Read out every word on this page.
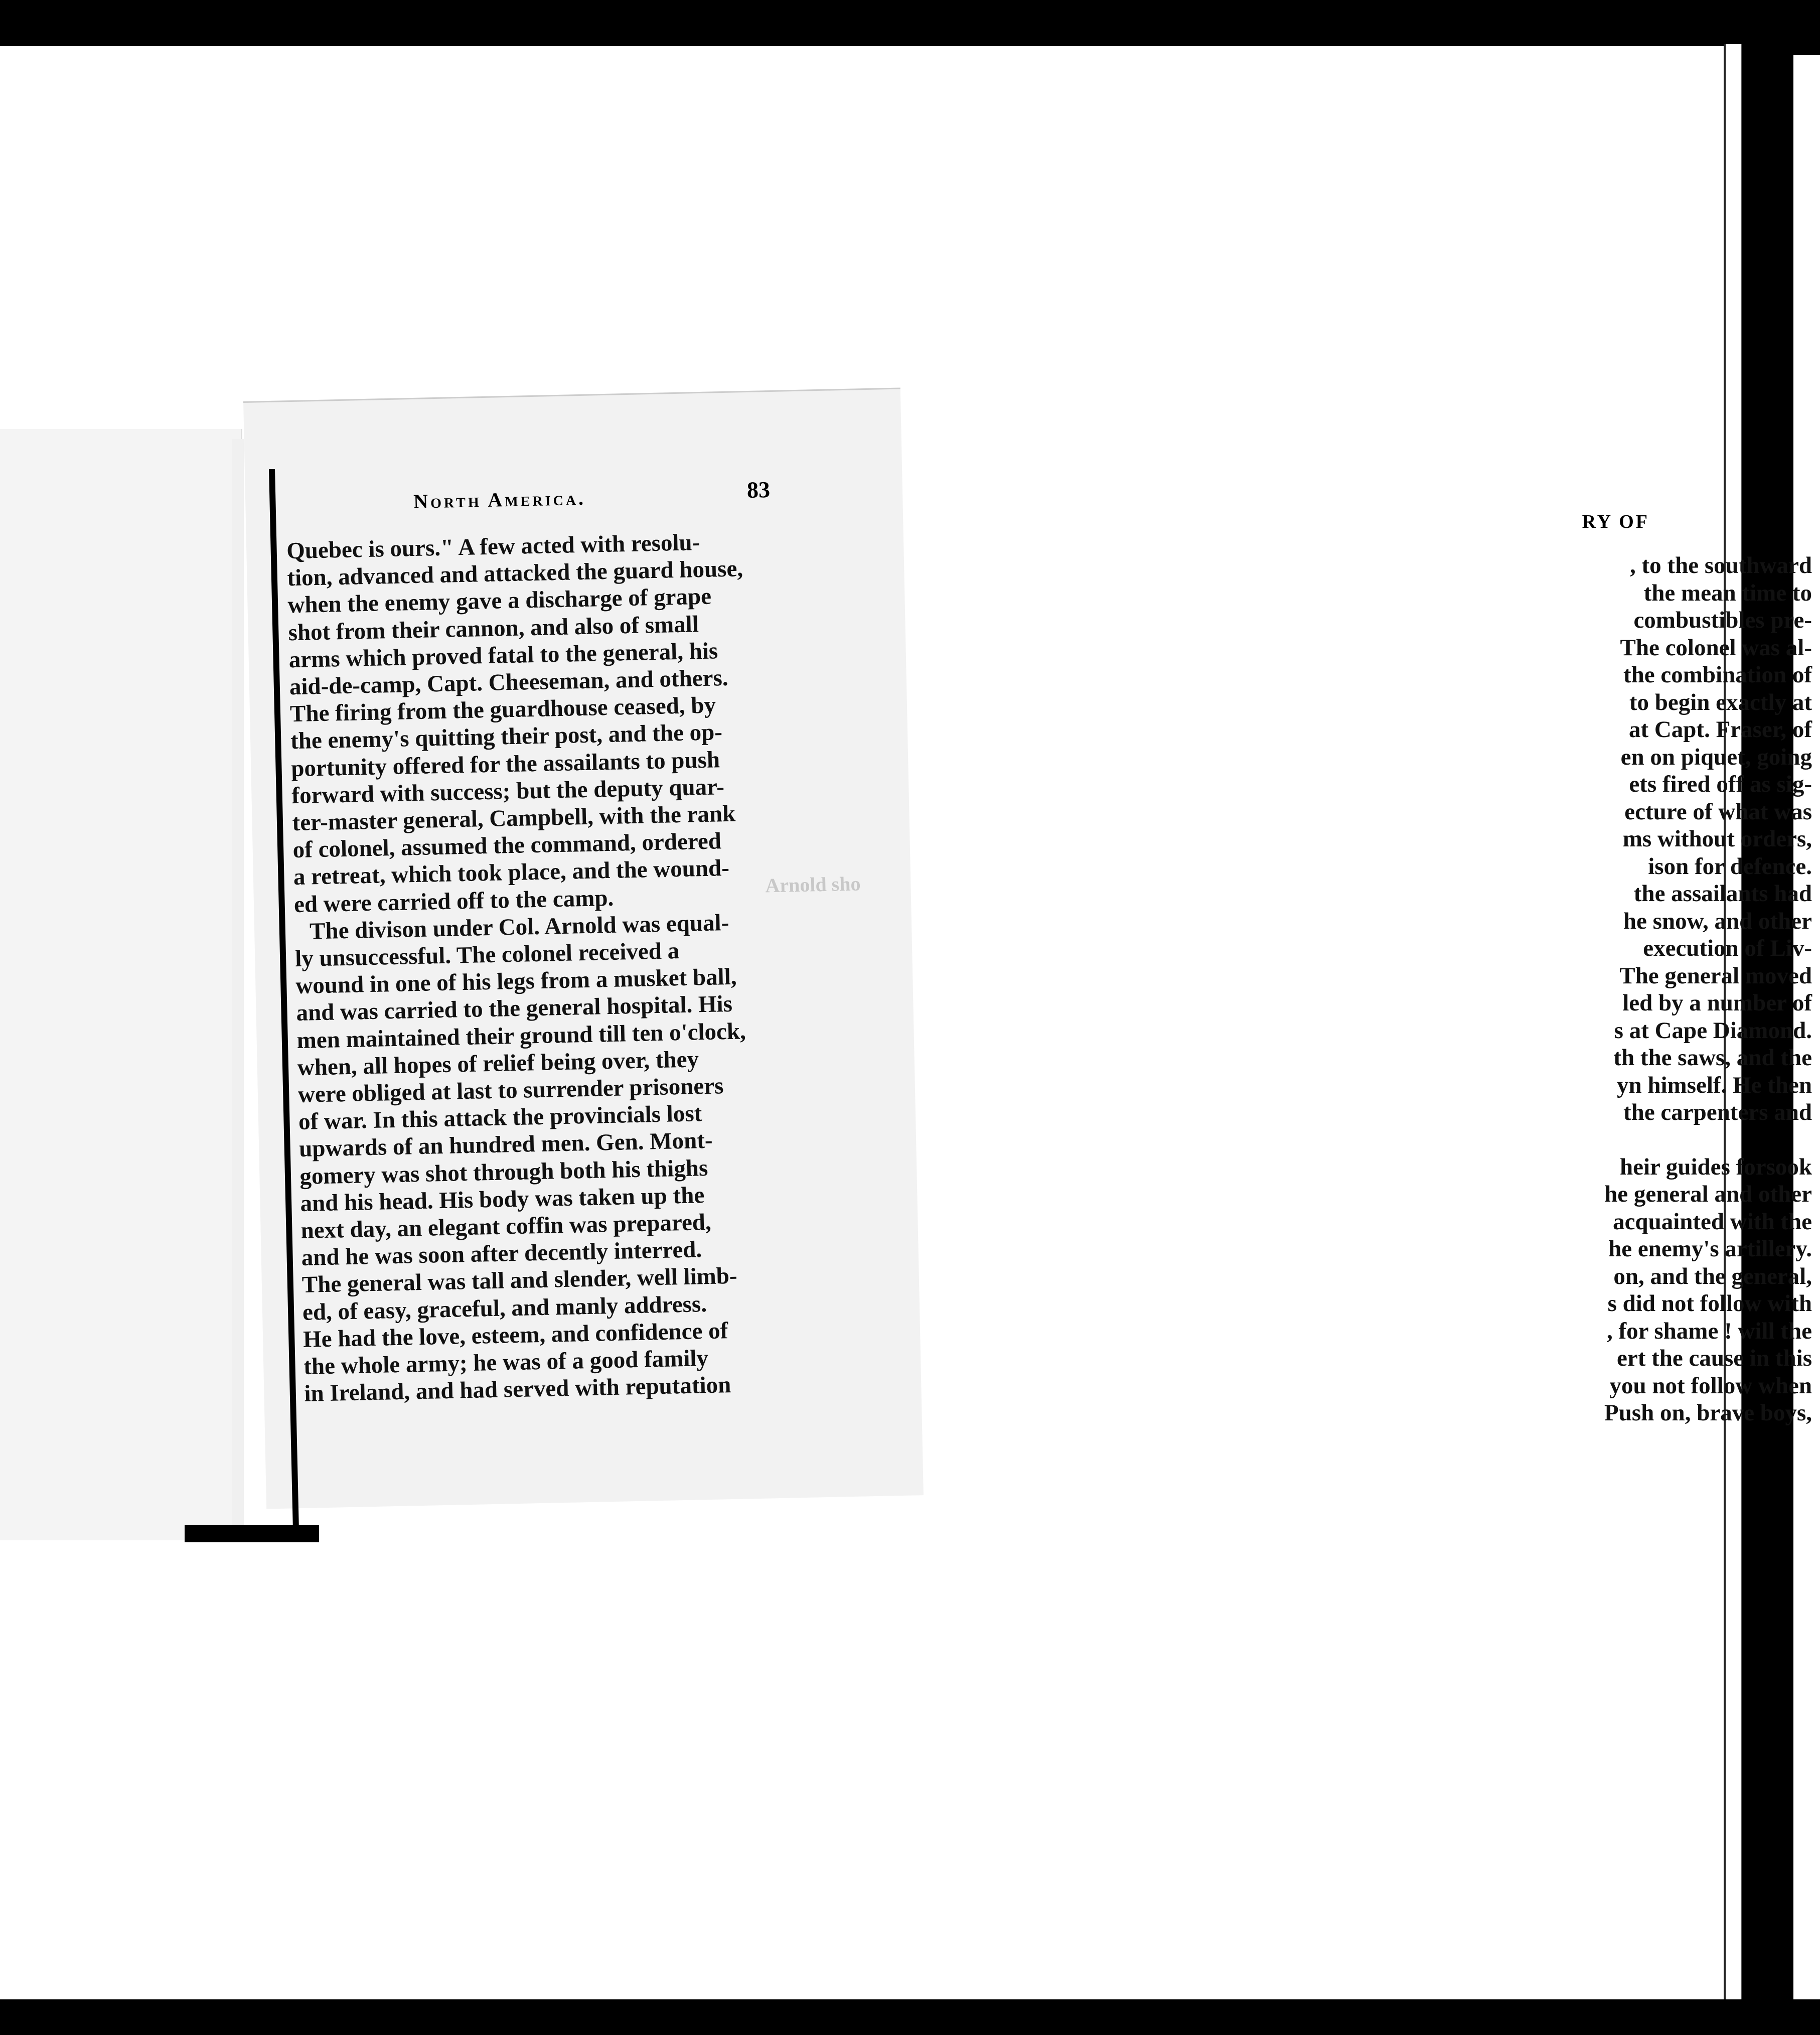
RY OF
, to the southward
the mean time to
combustibles pre-
The colonel was al-
the combination of
to begin exactly at
at Capt. Fraser, of
en on piquet, going
ets fired off as sig-
ecture of what was
ms without orders,
ison for defence.
the assailants had
he snow, and other
execution of Liv-
The general moved
led by a number of
s at Cape Diamond.
th the saws, and the
yn himself. He then
the carpenters and
heir guides forsook
he general and other
acquainted with the
he enemy's artillery.
on, and the general,
s did not follow with
, for shame ! will the
ert the cause in this
you not follow when
Push on, brave boys,
North America.	83
Arnold sho
Quebec is ours." A few acted with resolu-
tion, advanced and attacked the guard house,
when the enemy gave a discharge of grape
shot from their cannon, and also of small
arms which proved fatal to the general, his
aid-de-camp, Capt. Cheeseman, and others.
The firing from the guardhouse ceased, by
the enemy's quitting their post, and the op-
portunity offered for the assailants to push
forward with success; but the deputy quar-
ter-master general, Campbell, with the rank
of colonel, assumed the command, ordered
a retreat, which took place, and the wound-
ed were carried off to the camp.
The divison under Col. Arnold was equal-
ly unsuccessful. The colonel received a
wound in one of his legs from a musket ball,
and was carried to the general hospital. His
men maintained their ground till ten o'clock,
when, all hopes of relief being over, they
were obliged at last to surrender prisoners
of war. In this attack the provincials lost
upwards of an hundred men. Gen. Mont-
gomery was shot through both his thighs
and his head. His body was taken up the
next day, an elegant coffin was prepared,
and he was soon after decently interred.
The general was tall and slender, well limb-
ed, of easy, graceful, and manly address.
He had the love, esteem, and confidence of
the whole army; he was of a good family
in Ireland, and had served with reputation
